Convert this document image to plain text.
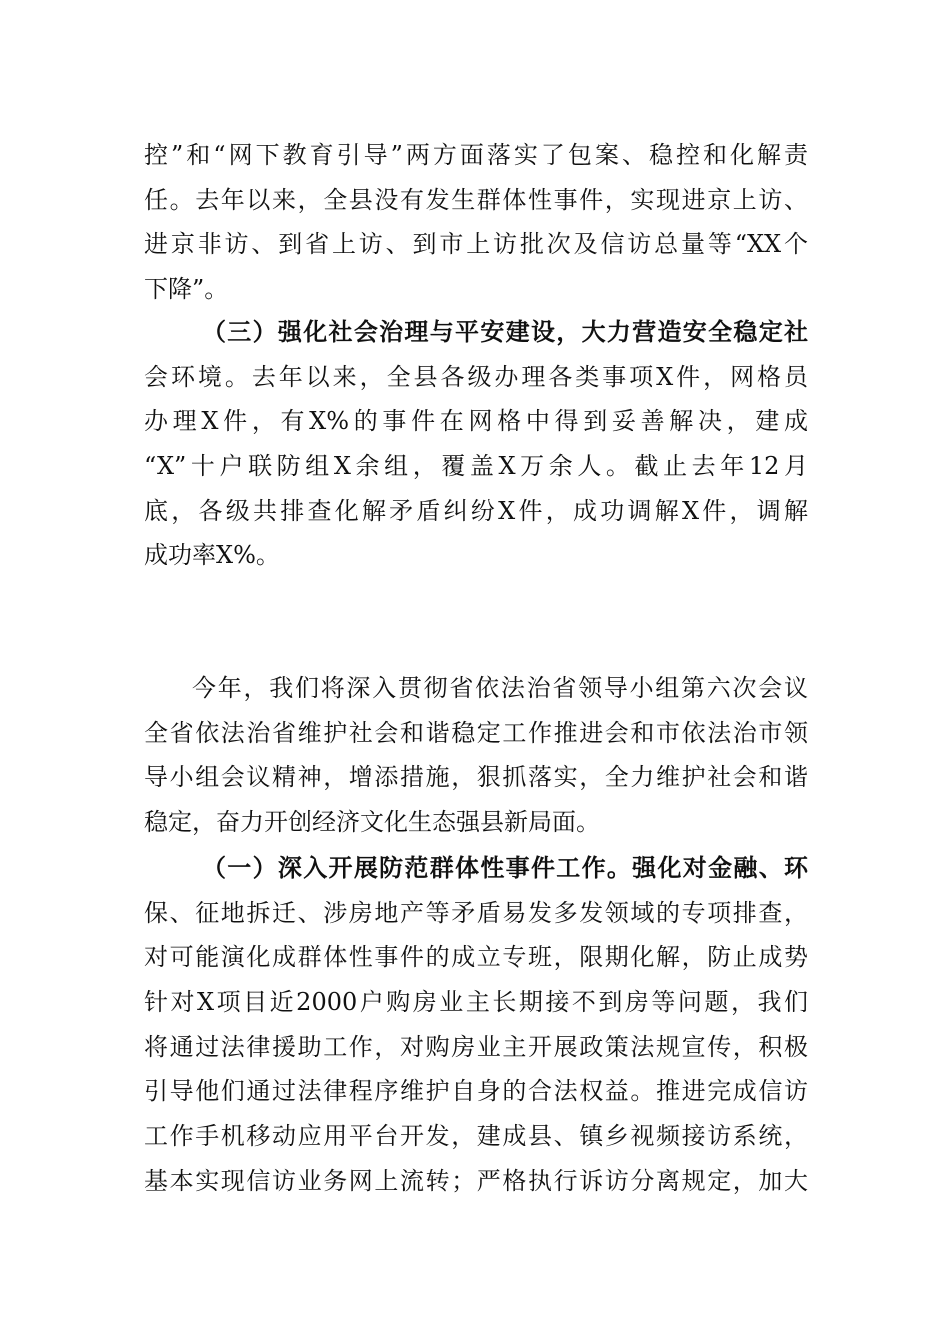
控”和“网下教育引导”两方面落实了包案、稳控和化解责
任。去年以来，全县没有发生群体性事件，实现进京上访、
进京非访、到省上访、到市上访批次及信访总量等“XX个
下降”。
（三）强化社会治理与平安建设，大力营造安全稳定社
会环境。去年以来，全县各级办理各类事项X件，网格员
办理X件，有X%的事件在网格中得到妥善解决，建成
“X”十户联防组X余组，覆盖X万余人。截止去年12月
底，各级共排查化解矛盾纠纷X件，成功调解X件，调解
成功率X%。
今年，我们将深入贯彻省依法治省领导小组第六次会议
全省依法治省维护社会和谐稳定工作推进会和市依法治市领
导小组会议精神，增添措施，狠抓落实，全力维护社会和谐
稳定，奋力开创经济文化生态强县新局面。
（一）深入开展防范群体性事件工作。强化对金融、环
保、征地拆迁、涉房地产等矛盾易发多发领域的专项排查，
对可能演化成群体性事件的成立专班，限期化解，防止成势
针对X项目近2000户购房业主长期接不到房等问题，我们
将通过法律援助工作，对购房业主开展政策法规宣传，积极
引导他们通过法律程序维护自身的合法权益。推进完成信访
工作手机移动应用平台开发，建成县、镇乡视频接访系统，
基本实现信访业务网上流转；严格执行诉访分离规定，加大
